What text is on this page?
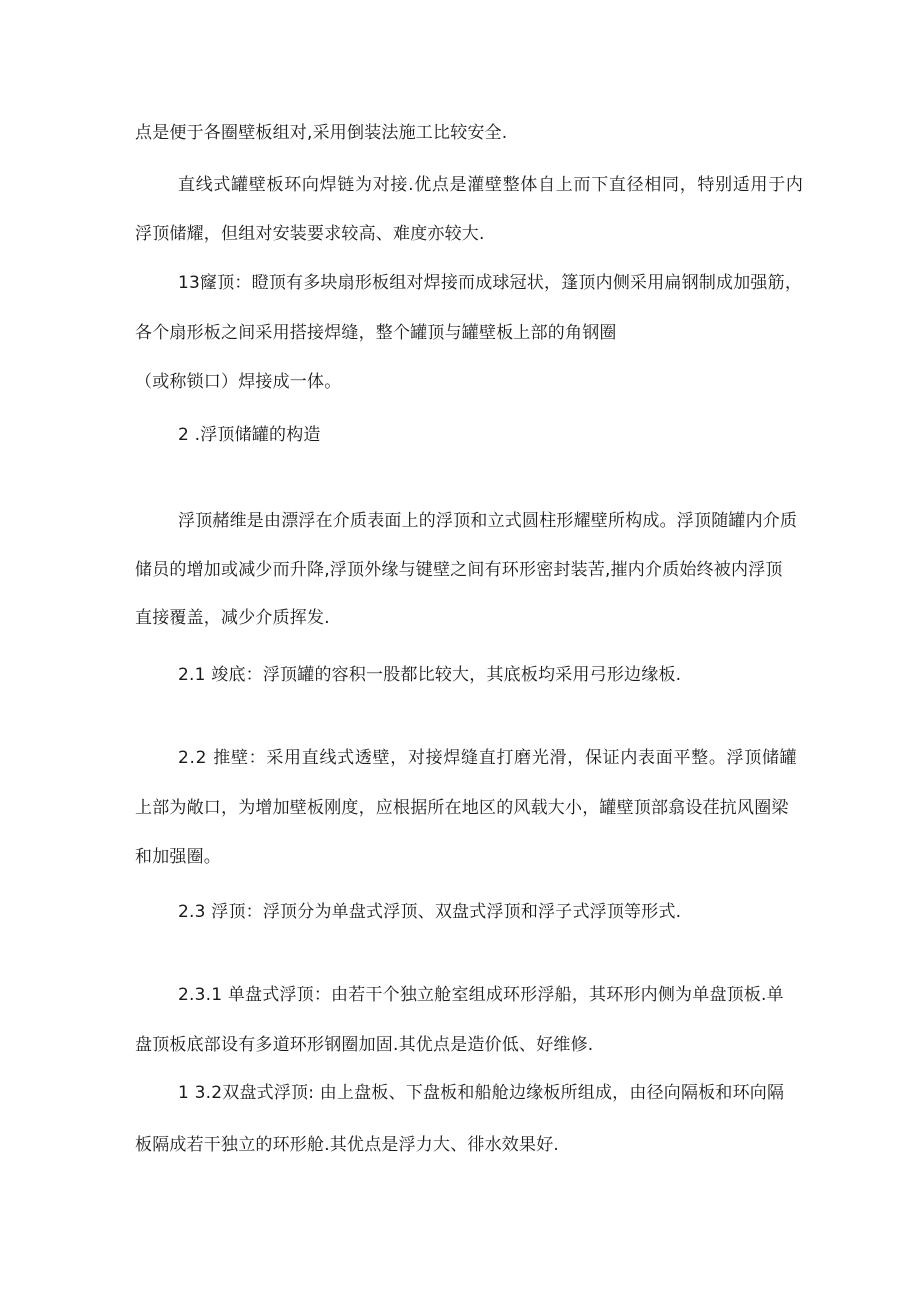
点是便于各圈壁板组对,采用倒装法施工比较安全.
直线式罐壁板环向焊链为对接.优点是灌壁整体自上而下直径相同，特别适用于内
浮顶储耀，但组对安装要求较高、难度亦较大.
13窿顶：瞪顶有多块扇形板组对焊接而成球冠状，篷顶内侧采用扁钢制成加强筋，
各个扇形板之间采用搭接焊缝，整个罐顶与罐壁板上部的角钢圈
（或称锁口）焊接成一体。
2 .浮顶储罐的构造
浮顶赭维是由漂浮在介质表面上的浮顶和立式圆柱形耀壁所构成。浮顶随罐内介质
储员的增加或减少而升降,浮顶外缘与键壁之间有环形密封装苦,摧内介质始终被内浮顶
直接覆盖，减少介质挥发.
2.1 竣底：浮顶罐的容积一股都比较大，其底板均采用弓形边缘板.
2.2 推壁：采用直线式透壁，对接焊缝直打磨光滑，保证内表面平整。浮顶储罐
上部为敞口，为增加壁板刚度，应根据所在地区的风载大小，罐壁顶部翕设荏抗风圈梁
和加强圈。
2.3 浮顶：浮顶分为单盘式浮顶、双盘式浮顶和浮子式浮顶等形式.
2.3.1 单盘式浮顶：由若干个独立舱室组成环形浮船，其环形内侧为单盘顶板.单
盘顶板底部设有多道环形钢圈加固.其优点是造价低、好维修.
1 3.2双盘式浮顶: 由上盘板、下盘板和船舱边缘板所组成，由径向隔板和环向隔
板隔成若干独立的环形舱.其优点是浮力大、徘水效果好.
